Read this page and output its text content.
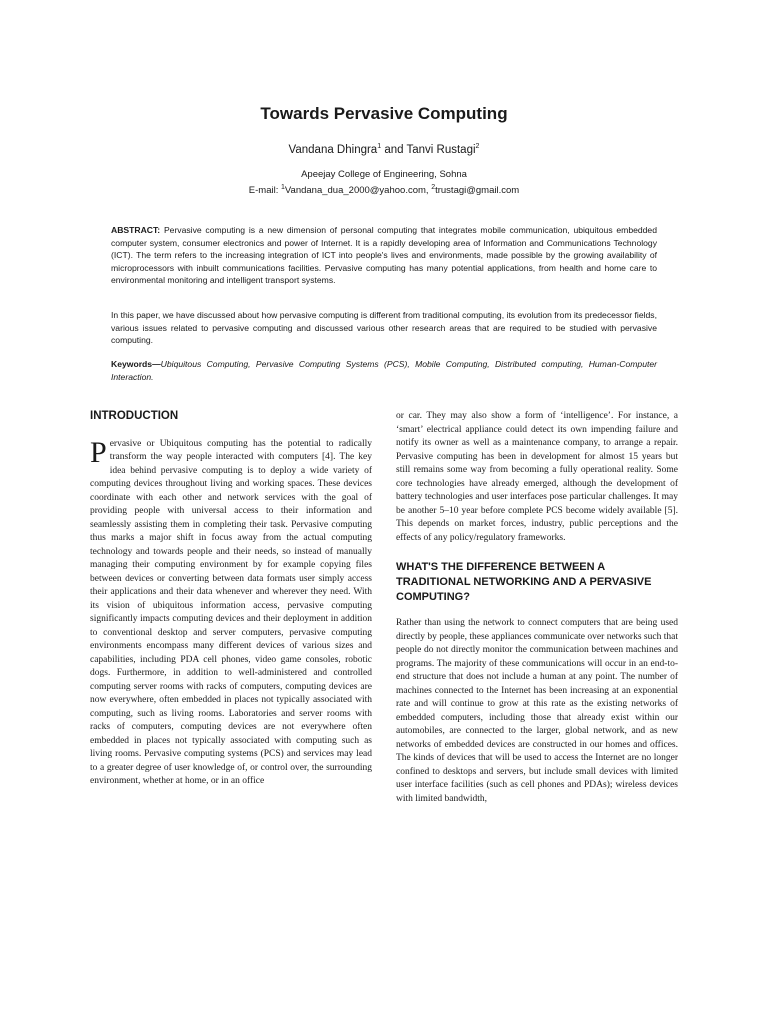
Towards Pervasive Computing
Vandana Dhingra$^1$ and Tanvi Rustagi$^2$
Apeejay College of Engineering, Sohna
E-mail: $^1$Vandana_dua_2000@yahoo.com, $^2$trustagi@gmail.com

ABSTRACT: Pervasive computing is a new dimension of personal computing that integrates mobile communication, ubiquitous embedded computer system, consumer electronics and power of Internet. It is a rapidly developing area of Information and Communications Technology (ICT). The term refers to the increasing integration of ICT into people's lives and environments, made possible by the growing availability of microprocessors with inbuilt communications facilities. Pervasive computing has many potential applications, from health and home care to environmental monitoring and intelligent transport systems.

In this paper, we have discussed about how pervasive computing is different from traditional computing, its evolution from its predecessor fields, various issues related to pervasive computing and discussed various other research areas that are required to be studied with pervasive computing.

Keywords—Ubiquitous Computing, Pervasive Computing Systems (PCS), Mobile Computing, Distributed computing, Human-Computer Interaction.

INTRODUCTION

Pervasive or Ubiquitous computing has the potential to radically transform the way people interacted with computers [4]. The key idea behind pervasive computing is to deploy a wide variety of computing devices throughout living and working spaces. These devices coordinate with each other and network services with the goal of providing people with universal access to their information and seamlessly assisting them in completing their task. Pervasive computing thus marks a major shift in focus away from the actual computing technology and towards people and their needs, so instead of manually managing their computing environment by for example copying files between devices or converting between data formats user simply access their applications and their data whenever and wherever they need. With its vision of ubiquitous information access, pervasive computing significantly impacts computing devices and their deployment in addition to conventional desktop and server computers, pervasive computing environments encompass many different devices of various sizes and capabilities, including PDA cell phones, video game consoles, robotic dogs. Furthermore, in addition to well-administered and controlled computing server rooms with racks of computers, computing devices are now everywhere, often embedded in places not typically associated with computing, such as living rooms. Laboratories and server rooms with racks of computers, computing devices are not everywhere often embedded in places not typically associated with computing such as living rooms. Pervasive computing systems (PCS) and services may lead to a greater degree of user knowledge of, or control over, the surrounding environment, whether at home, or in an office

or car. They may also show a form of ‘intelligence’. For instance, a ‘smart’ electrical appliance could detect its own impending failure and notify its owner as well as a maintenance company, to arrange a repair. Pervasive computing has been in development for almost 15 years but still remains some way from becoming a fully operational reality. Some core technologies have already emerged, although the development of battery technologies and user interfaces pose particular challenges. It may be another 5–10 year before complete PCS become widely available [5]. This depends on market forces, industry, public perceptions and the effects of any policy/regulatory frameworks.

WHAT'S THE DIFFERENCE BETWEEN A TRADITIONAL NETWORKING AND A PERVASIVE COMPUTING?

Rather than using the network to connect computers that are being used directly by people, these appliances communicate over networks such that people do not directly monitor the communication between machines and programs. The majority of these communications will occur in an end-to-end structure that does not include a human at any point. The number of machines connected to the Internet has been increasing at an exponential rate and will continue to grow at this rate as the existing networks of embedded computers, including those that already exist within our automobiles, are connected to the larger, global network, and as new networks of embedded devices are constructed in our homes and offices. The kinds of devices that will be used to access the Internet are no longer confined to desktops and servers, but include small devices with limited user interface facilities (such as cell phones and PDAs); wireless devices with limited bandwidth,
